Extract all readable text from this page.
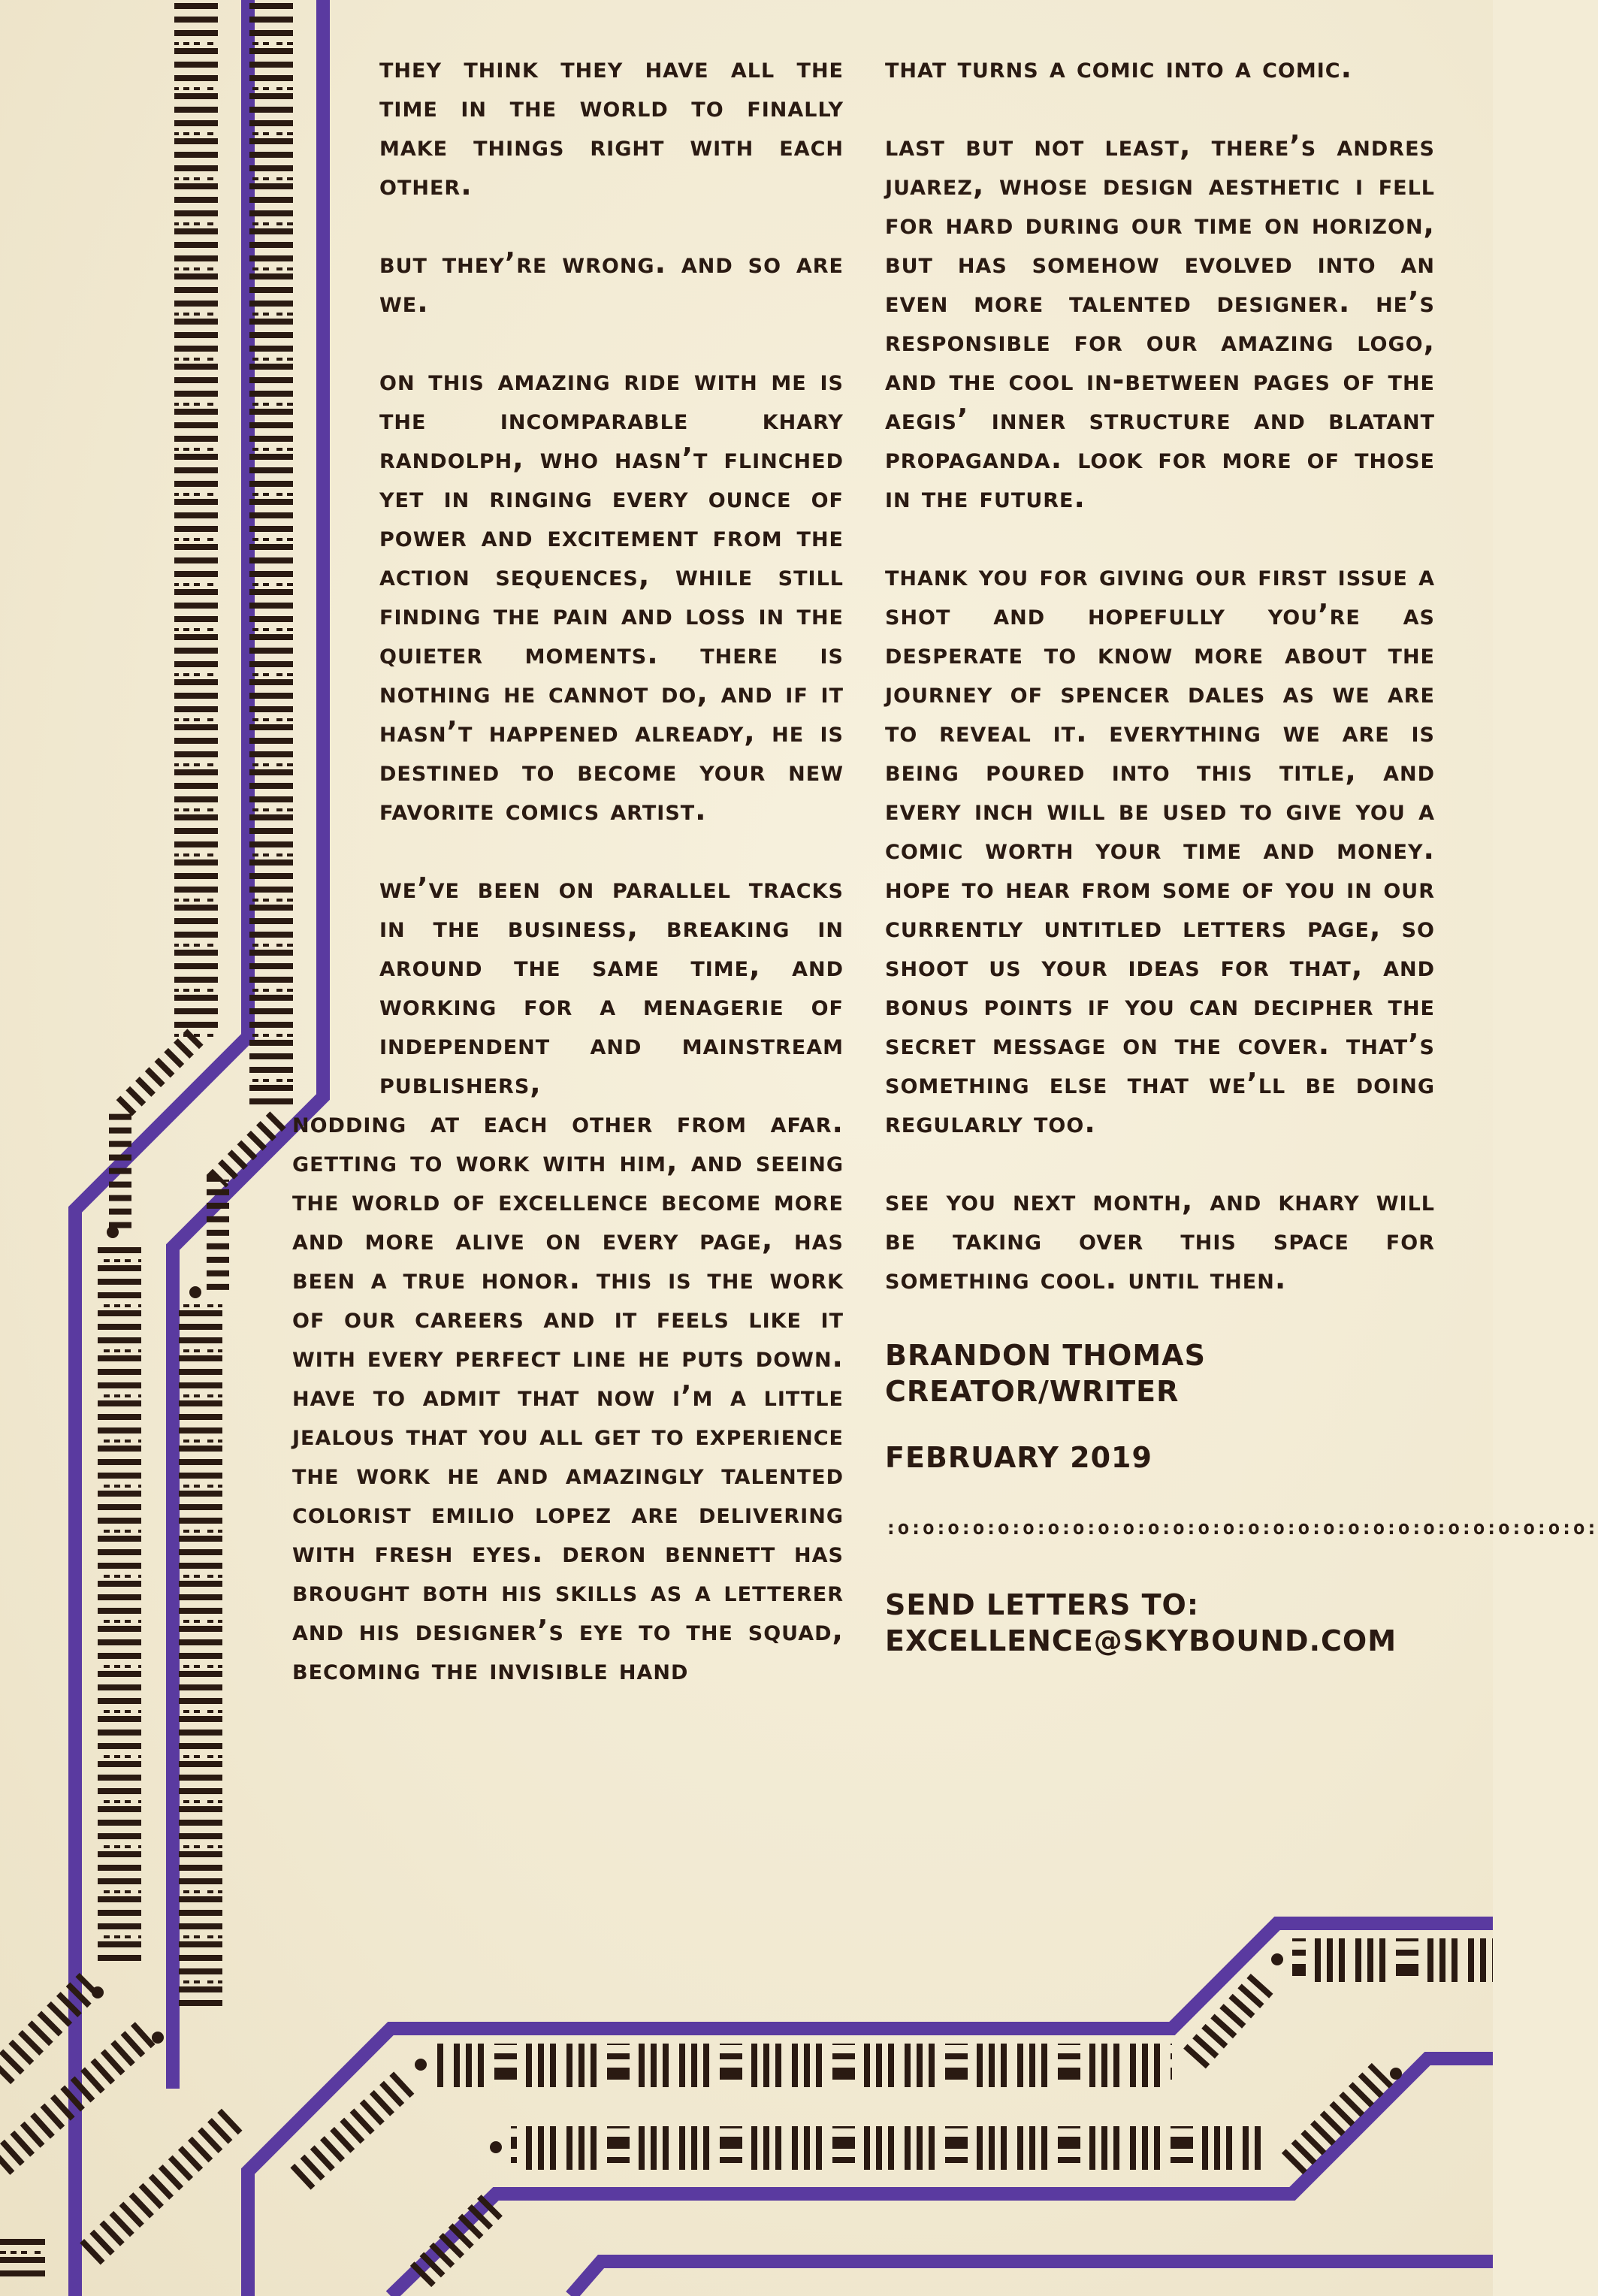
they think they have all the time in the world to finally make things right with each other.

but they’re wrong. and so are we.

on this amazing ride with me is the incomparable khary randolph, who hasn’t flinched yet in ringing every ounce of power and excitement from the action sequences, while still finding the pain and loss in the quieter moments. there is nothing he cannot do, and if it hasn’t happened already, he is destined to become your new favorite comics artist.

we’ve been on parallel tracks in the business, breaking in around the same time, and working for a menagerie of independent and mainstream publishers,

nodding at each other from afar. getting to work with him, and seeing the world of excellence become more and more alive on every page, has been a true honor. this is the work of our careers and it feels like it with every perfect line he puts down. have to admit that now i’m a little jealous that you all get to experience the work he and amazingly talented colorist emilio lopez are delivering with fresh eyes. deron bennett has brought both his skills as a letterer and his designer’s eye to the squad, becoming the invisible hand

that turns a comic into a comic.

last but not least, there’s andres juarez, whose design aesthetic i fell for hard during our time on horizon, but has somehow evolved into an even more talented designer. he’s responsible for our amazing logo, and the cool in-between pages of the aegis’ inner structure and blatant propaganda. look for more of those in the future.

thank you for giving our first issue a shot and hopefully you’re as desperate to know more about the journey of spencer dales as we are to reveal it. everything we are is being poured into this title, and every inch will be used to give you a comic worth your time and money. hope to hear from some of you in our currently untitled letters page, so shoot us your ideas for that, and bonus points if you can decipher the secret message on the cover. that’s something else that we’ll be doing regularly too.

see you next month, and khary will be taking over this space for something cool. until then.

BRANDON THOMAS
CREATOR/WRITER

FEBRUARY 2019

:o:o:o:o:o:o:o:o:o:o:o:o:o:o:o:o:o:o:o:o:o:o:o:o:o:o:o:o:

SEND LETTERS TO:
EXCELLENCE@SKYBOUND.COM
